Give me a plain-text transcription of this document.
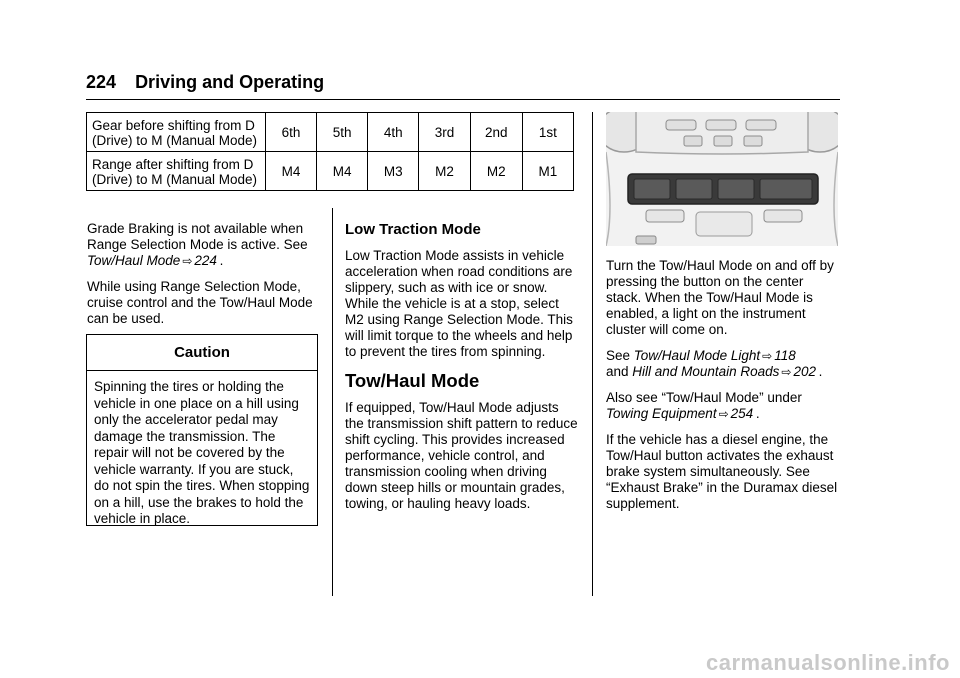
224 Driving and Operating
Gear before shifting from D (Drive) to M (Manual Mode)	6th	5th	4th	3rd	2nd	1st
Range after shifting from D (Drive) to M (Manual Mode)	M4	M4	M3	M2	M2	M1

Grade Braking is not available when Range Selection Mode is active. See Tow/Haul Mode ⇨ 224 .

While using Range Selection Mode, cruise control and the Tow/Haul Mode can be used.

Caution
Spinning the tires or holding the vehicle in one place on a hill using only the accelerator pedal may damage the transmission. The repair will not be covered by the vehicle warranty. If you are stuck, do not spin the tires. When stopping on a hill, use the brakes to hold the vehicle in place.
Low Traction Mode

Low Traction Mode assists in vehicle acceleration when road conditions are slippery, such as with ice or snow. While the vehicle is at a stop, select M2 using Range Selection Mode. This will limit torque to the wheels and help to prevent the tires from spinning.

Tow/Haul Mode

If equipped, Tow/Haul Mode adjusts the transmission shift pattern to reduce shift cycling. This provides increased performance, vehicle control, and transmission cooling when driving down steep hills or mountain grades, towing, or hauling heavy loads.

Turn the Tow/Haul Mode on and off by pressing the button on the center stack. When the Tow/Haul Mode is enabled, a light on the instrument cluster will come on.

See Tow/Haul Mode Light ⇨ 118
and Hill and Mountain Roads ⇨ 202 .

Also see “Tow/Haul Mode” under
Towing Equipment ⇨ 254 .

If the vehicle has a diesel engine, the Tow/Haul button activates the exhaust brake system simultaneously. See “Exhaust Brake” in the Duramax diesel supplement.

carmanualsonline.info
